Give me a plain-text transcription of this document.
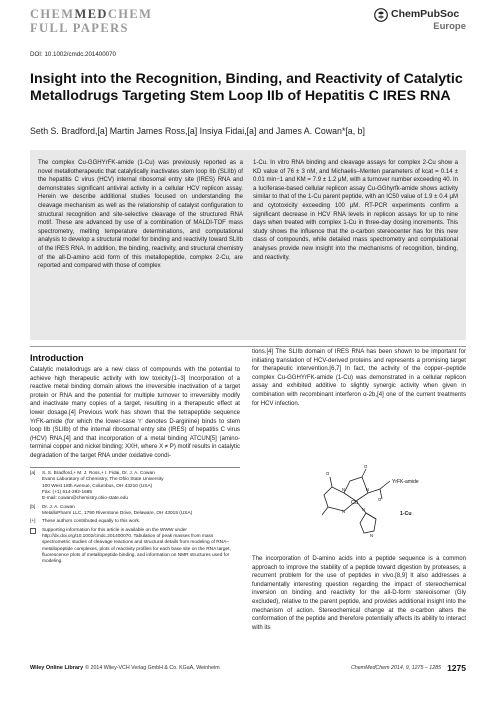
CHEMMEDCHEM
FULL PAPERS
ChemPubSoc
Europe
DOI: 10.1002/cmdc.201400070
Insight into the Recognition, Binding, and Reactivity of Catalytic Metallodrugs Targeting Stem Loop IIb of Hepatitis C IRES RNA
Seth S. Bradford,[a] Martin James Ross,[a] Insiya Fidai,[a] and James A. Cowan*[a, b]
The complex Cu-GGHYrFK-amide (1-Cu) was previously reported as a novel metallotherapeutic that catalytically inactivates stem loop IIb (SLIIb) of the hepatitis C virus (HCV) internal ribosomal entry site (IRES) RNA and demonstrates significant antiviral activity in a cellular HCV replicon assay. Herein we describe additional studies focused on understanding the cleavage mechanism as well as the relationship of catalyst configuration to structural recognition and site-selective cleavage of the structured RNA motif. These are advanced by use of a combination of MALDI-TOF mass spectrometry, melting temperature determinations, and computational analysis to develop a structural model for binding and reactivity toward SLIIb of the IRES RNA. In addition, the binding, reactivity, and structural chemistry of the all-D-amino acid form of this metallopeptide, complex 2-Cu, are reported and compared with those of complex
1-Cu. In vitro RNA binding and cleavage assays for complex 2-Cu show a KD value of 76 ± 3 nM, and Michaelis–Menten parameters of kcat = 0.14 ± 0.01 min−1 and KM = 7.9 ± 1.2 μM, with a turnover number exceeding 40. In a luciferase-based cellular replicon assay Cu-GGhyrfk-amide shows activity similar to that of the 1-Cu parent peptide, with an IC50 value of 1.9 ± 0.4 μM and cytotoxicity exceeding 100 μM. RT-PCR experiments confirm a significant decrease in HCV RNA levels in replicon assays for up to nine days when treated with complex 1-Cu in three-day dosing increments. This study shows the influence that the α-carbon stereocenter has for this new class of compounds, while detailed mass spectrometry and computational analyses provide new insight into the mechanisms of recognition, binding, and reactivity.
Introduction
Catalytic metallodrugs are a new class of compounds with the potential to achieve high therapeutic activity with low toxicity.[1–3] Incorporation of a reactive metal binding domain allows the irreversible inactivation of a target protein or RNA and the potential for multiple turnover to irreversibly modify and inactivate many copies of a target, resulting in a therapeutic effect at lower dosage.[4] Previous work has shown that the tetrapeptide sequence YrFK-amide (for which the lower-case ‘r’ denotes D-arginine) binds to stem loop IIb (SLIIb) of the internal ribosomal entry site (IRES) of hepatitis C virus (HCV) RNA,[4] and that incorporation of a metal binding ATCUN[5] (amino-terminal copper and nickel binding; XXH, where X ≠ P) motif results in catalytic degradation of the target RNA under oxidative condi-
tions.[4] The SLIIb domain of IRES RNA has been shown to be important for initiating translation of HCV-derived proteins and represents a promising target for therapeutic intervention.[6,7] In fact, the activity of the copper–peptide complex Cu-GGHYrFK-amide (1-Cu) was demonstrated in a cellular replicon assay and exhibited additive to slightly synergic activity when given in combination with recombinant interferon α-2b,[4] one of the current treatments for HCV infection.
Cu
YrFK-amide
1-Cu
O
O
N
N
N
N
O
N
The incorporation of D-amino acids into a peptide sequence is a common approach to improve the stability of a peptide toward digestion by proteases, a recurrent problem for the use of peptides in vivo.[8,9] It also addresses a fundamentally interesting question regarding the impact of stereochemical inversion on binding and reactivity for the all-D-form stereoisomer (Gly excluded), relative to the parent peptide, and provides additional insight into the mechanism of action. Stereochemical change at the α-carbon alters the conformation of the peptide and therefore potentially affects its ability to interact with its
[a]	S. S. Bradford,+ M. J. Ross,+ I. Fidai, Dr. J. A. Cowan
Evans Laboratory of Chemistry, The Ohio State University
100 West 18th Avenue, Columbus, OH 43210 (USA)
Fax: (+1) 614-292-1685
E-mail: cowan@chemistry.ohio-state.edu
[b]	Dr. J. A. Cowan
MetalloPharm LLC, 1790 Riverstone Drive, Delaware, OH 43015 (USA)
[+]	These authors contributed equally to this work.
Supporting information for this article is available on the WWW under http://dx.doi.org/10.1002/cmdc.201400070. Tabulation of peak masses from mass spectrometric studies of cleavage reactions and structural details from modeling of RNA–metallopeptide complexes, plots of reactivity profiles for each base site on the RNA target, fluorescence plots of metallopeptide binding, and information on NMR structures used for modeling.
Wiley Online Library © 2014 Wiley-VCH Verlag GmbH & Co. KGaA, Weinheim	ChemMedChem 2014, 9, 1275 – 1285 1275
